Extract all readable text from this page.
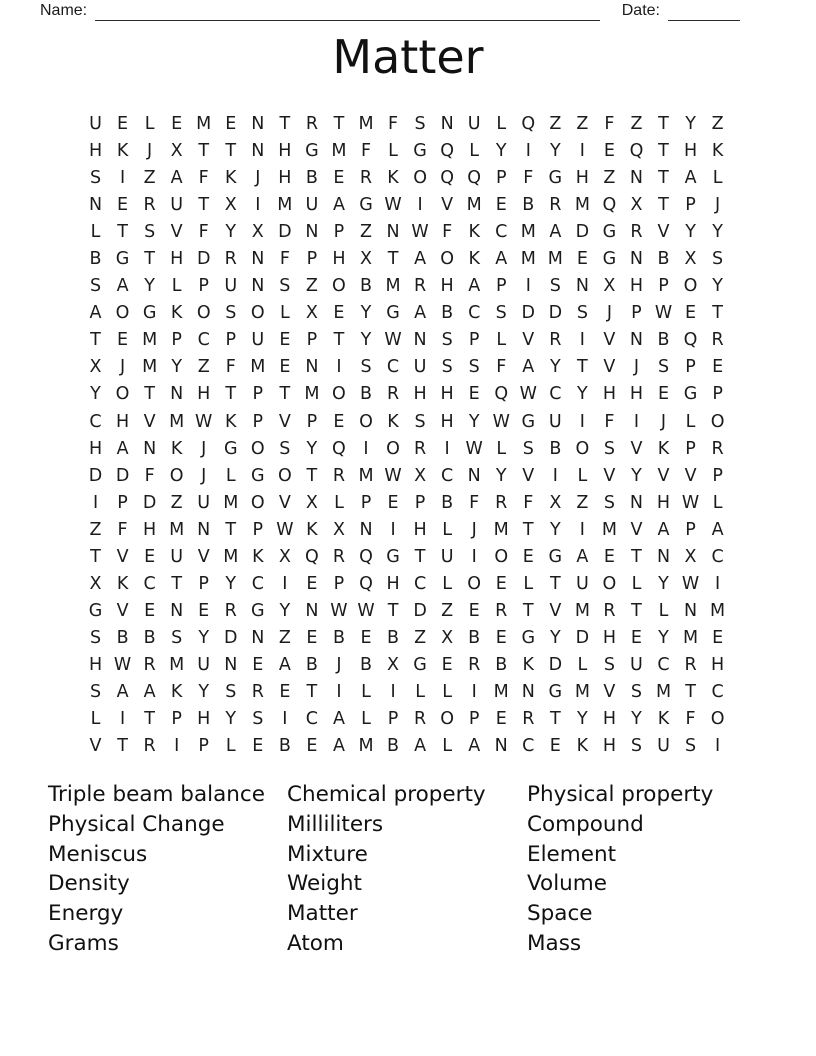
Name:	Date:
Matter
U E L E M E N T R T M F S N U L Q Z Z F Z T Y Z
H K	J	X T T N H G M F L G Q L Y	I	Y	I	E Q T H K
S	I	Z A F K	J	H B E R K O Q Q P F G H Z N T A L
N E R U T X	I M U A G W I	V M E B R M Q X T P	J
L T S V F Y X D N P Z N W F K C M A D G R V Y Y
B G T H D R N F P H X T A O K A M M E G N B X S
S A Y L P U N S Z O B M R H A P	I	S N X H P O Y
A O G K O S O L X E Y G A B C S D D S	J	P W E T
T E M P C P U E P T Y W N S P L V R	I	V N B Q R
X	J M Y Z F M E N	I	S C U S S F A Y T V	J	S P E
Y O T N H T P T M O B R H H E Q W C Y H H E G P
C H V M W K P V P E O K S H Y W G U	I	F	I	J	L O
H A N K	J	G O S Y Q	I	O R	I W L S B O S V K P R
D D F O	J	L G O T R M W X C N Y V	I	L V Y V V P
I	P D Z U M O V X L P E P B F R F X Z S N H W L
Z F H M N T P W K X N	I	H L	J M T Y	I M V A P A
T V E U V M K X Q R Q G T U	I	O E G A E T N X C
X K C T P Y C	I	E P Q H C L O E L T U O L Y W I
G V E N E R G Y N W W T D Z E R T V M R T L N M
S B B S Y D N Z E B E B Z X B E G Y D H E Y M E
H W R M U N E A B	J	B X G E R B K D L S U C R H
S A A K Y S R E T	I	L	I	L L	I M N G M V S M T C
L	I	T P H Y S	I	C A L P R O P E R T Y H Y K F O
V T R	I	P L E B E A M B A L A N C E K H S U S	I
Triple beam balance
Physical Change
Meniscus
Density
Energy
Grams
Chemical property
Milliliters
Mixture
Weight
Matter
Atom
Physical property
Compound
Element
Volume
Space
Mass
